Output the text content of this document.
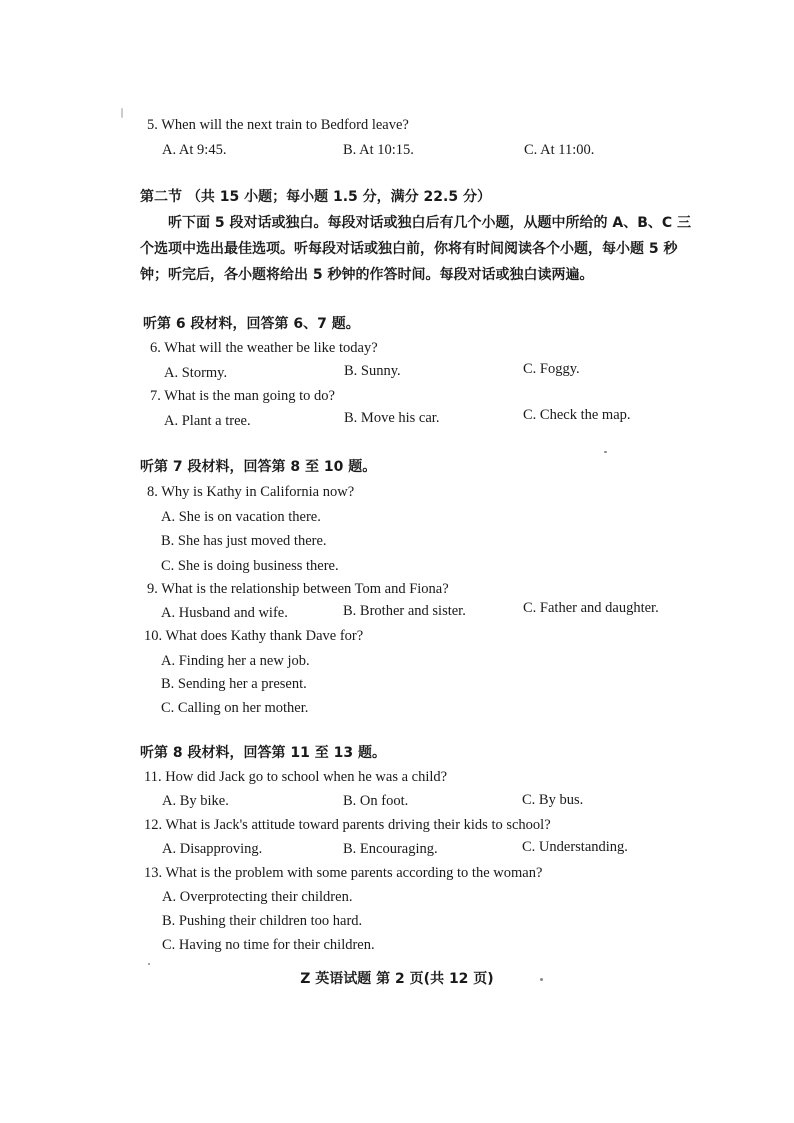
5. When will the next train to Bedford leave?
A. At 9:45.	B. At 10:15.	C. At 11:00.
第二节 （共 15 小题；每小题 1.5 分，满分 22.5 分）
听下面 5 段对话或独白。每段对话或独白后有几个小题，从题中所给的 A、B、C 三个选项中选出最佳选项。听每段对话或独白前，你将有时间阅读各个小题，每小题 5 秒钟；听完后，各小题将给出 5 秒钟的作答时间。每段对话或独白读两遍。
听第 6 段材料，回答第 6、7 题。
6. What will the weather be like today?
A. Stormy.	B. Sunny.	C. Foggy.
7. What is the man going to do?
A. Plant a tree.	B. Move his car.	C. Check the map.
听第 7 段材料，回答第 8 至 10 题。
8. Why is Kathy in California now?
A. She is on vacation there.
B. She has just moved there.
C. She is doing business there.
9. What is the relationship between Tom and Fiona?
A. Husband and wife.	B. Brother and sister.	C. Father and daughter.
10. What does Kathy thank Dave for?
A. Finding her a new job.
B. Sending her a present.
C. Calling on her mother.
听第 8 段材料，回答第 11 至 13 题。
11. How did Jack go to school when he was a child?
A. By bike.	B. On foot.	C. By bus.
12. What is Jack's attitude toward parents driving their kids to school?
A. Disapproving.	B. Encouraging.	C. Understanding.
13. What is the problem with some parents according to the woman?
A. Overprotecting their children.
B. Pushing their children too hard.
C. Having no time for their children.
Z 英语试题 第 2 页(共 12 页)
